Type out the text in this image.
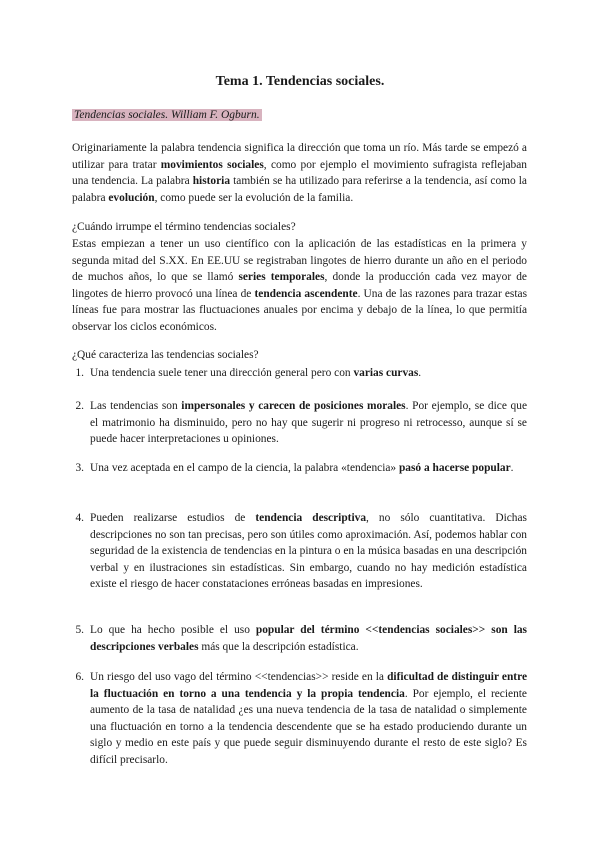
Tema 1. Tendencias sociales.

Tendencias sociales. William F. Ogburn.

Originariamente la palabra tendencia significa la dirección que toma un río. Más tarde se empezó a utilizar para tratar movimientos sociales, como por ejemplo el movimiento sufragista reflejaban una tendencia. La palabra historia también se ha utilizado para referirse a la tendencia, así como la palabra evolución, como puede ser la evolución de la familia.

¿Cuándo irrumpe el término tendencias sociales?

Estas empiezan a tener un uso científico con la aplicación de las estadísticas en la primera y segunda mitad del S.XX. En EE.UU se registraban lingotes de hierro durante un año en el periodo de muchos años, lo que se llamó series temporales, donde la producción cada vez mayor de lingotes de hierro provocó una línea de tendencia ascendente. Una de las razones para trazar estas líneas fue para mostrar las fluctuaciones anuales por encima y debajo de la línea, lo que permitía observar los ciclos económicos.

¿Qué caracteriza las tendencias sociales?

1. Una tendencia suele tener una dirección general pero con varias curvas.

2. Las tendencias son impersonales y carecen de posiciones morales. Por ejemplo, se dice que el matrimonio ha disminuido, pero no hay que sugerir ni progreso ni retrocesso, aunque sí se puede hacer interpretaciones u opiniones.

3. Una vez aceptada en el campo de la ciencia, la palabra «tendencia» pasó a hacerse popular.

4. Pueden realizarse estudios de tendencia descriptiva, no sólo cuantitativa. Dichas descripciones no son tan precisas, pero son útiles como aproximación. Así, podemos hablar con seguridad de la existencia de tendencias en la pintura o en la música basadas en una descripción verbal y en ilustraciones sin estadísticas. Sin embargo, cuando no hay medición estadística existe el riesgo de hacer constataciones erróneas basadas en impresiones.

5. Lo que ha hecho posible el uso popular del término <<tendencias sociales>> son las descripciones verbales más que la descripción estadística.

6. Un riesgo del uso vago del término <<tendencias>> reside en la dificultad de distinguir entre la fluctuación en torno a una tendencia y la propia tendencia. Por ejemplo, el reciente aumento de la tasa de natalidad ¿es una nueva tendencia de la tasa de natalidad o simplemente una fluctuación en torno a la tendencia descendente que se ha estado produciendo durante un siglo y medio en este país y que puede seguir disminuyendo durante el resto de este siglo? Es difícil precisarlo.
